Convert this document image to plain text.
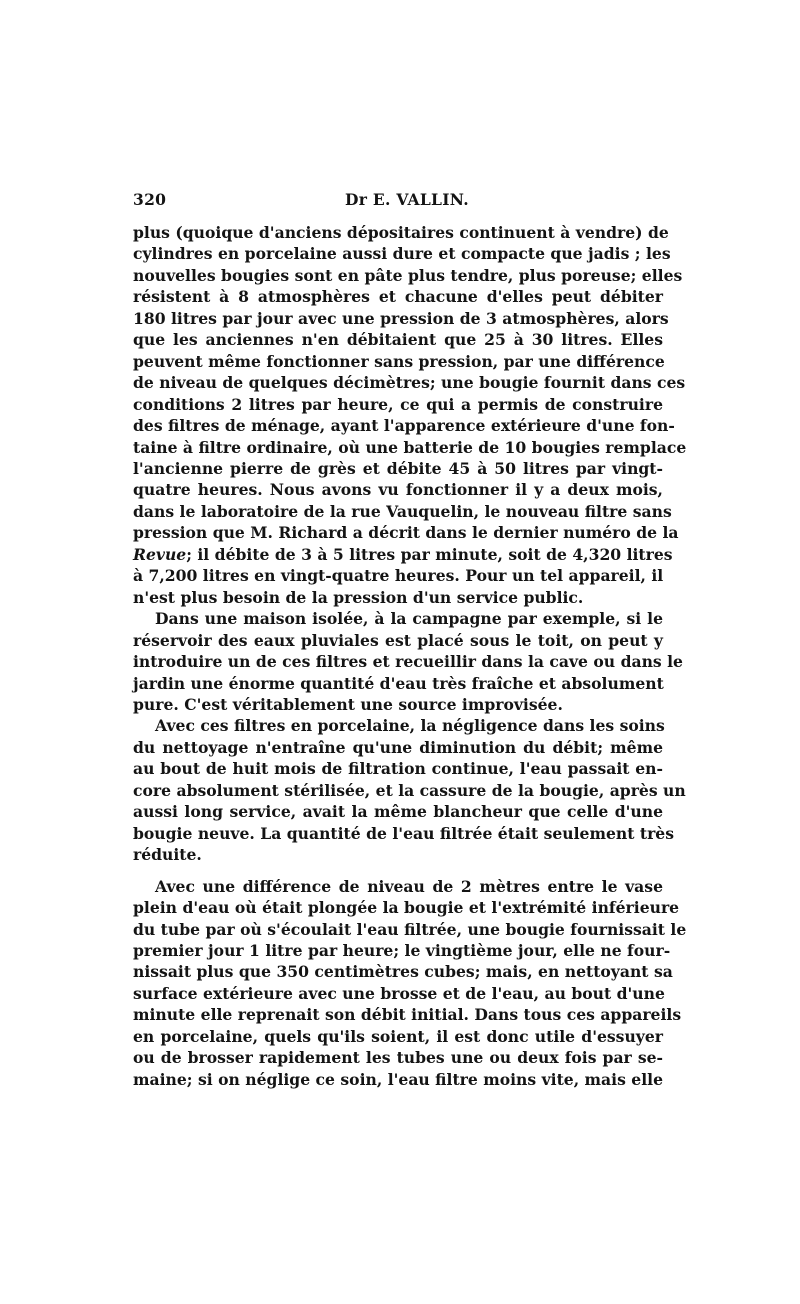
320	Dr E. VALLIN.
plus (quoique d'anciens dépositaires continuent à vendre) de
cylindres en porcelaine aussi dure et compacte que jadis ; les
nouvelles bougies sont en pâte plus tendre, plus poreuse; elles
résistent à 8 atmosphères et chacune d'elles peut débiter
180 litres par jour avec une pression de 3 atmosphères, alors
que les anciennes n'en débitaient que 25 à 30 litres. Elles
peuvent même fonctionner sans pression, par une différence
de niveau de quelques décimètres; une bougie fournit dans ces
conditions 2 litres par heure, ce qui a permis de construire
des filtres de ménage, ayant l'apparence extérieure d'une fon-
taine à filtre ordinaire, où une batterie de 10 bougies remplace
l'ancienne pierre de grès et débite 45 à 50 litres par vingt-
quatre heures. Nous avons vu fonctionner il y a deux mois,
dans le laboratoire de la rue Vauquelin, le nouveau filtre sans
pression que M. Richard a décrit dans le dernier numéro de la
Revue; il débite de 3 à 5 litres par minute, soit de 4,320 litres
à 7,200 litres en vingt-quatre heures. Pour un tel appareil, il
n'est plus besoin de la pression d'un service public.
Dans une maison isolée, à la campagne par exemple, si le
réservoir des eaux pluviales est placé sous le toit, on peut y
introduire un de ces filtres et recueillir dans la cave ou dans le
jardin une énorme quantité d'eau très fraîche et absolument
pure. C'est véritablement une source improvisée.
Avec ces filtres en porcelaine, la négligence dans les soins
du nettoyage n'entraîne qu'une diminution du débit; même
au bout de huit mois de filtration continue, l'eau passait en-
core absolument stérilisée, et la cassure de la bougie, après un
aussi long service, avait la même blancheur que celle d'une
bougie neuve. La quantité de l'eau filtrée était seulement très
réduite.
Avec une différence de niveau de 2 mètres entre le vase
plein d'eau où était plongée la bougie et l'extrémité inférieure
du tube par où s'écoulait l'eau filtrée, une bougie fournissait le
premier jour 1 litre par heure; le vingtième jour, elle ne four-
nissait plus que 350 centimètres cubes; mais, en nettoyant sa
surface extérieure avec une brosse et de l'eau, au bout d'une
minute elle reprenait son débit initial. Dans tous ces appareils
en porcelaine, quels qu'ils soient, il est donc utile d'essuyer
ou de brosser rapidement les tubes une ou deux fois par se-
maine; si on néglige ce soin, l'eau filtre moins vite, mais elle
